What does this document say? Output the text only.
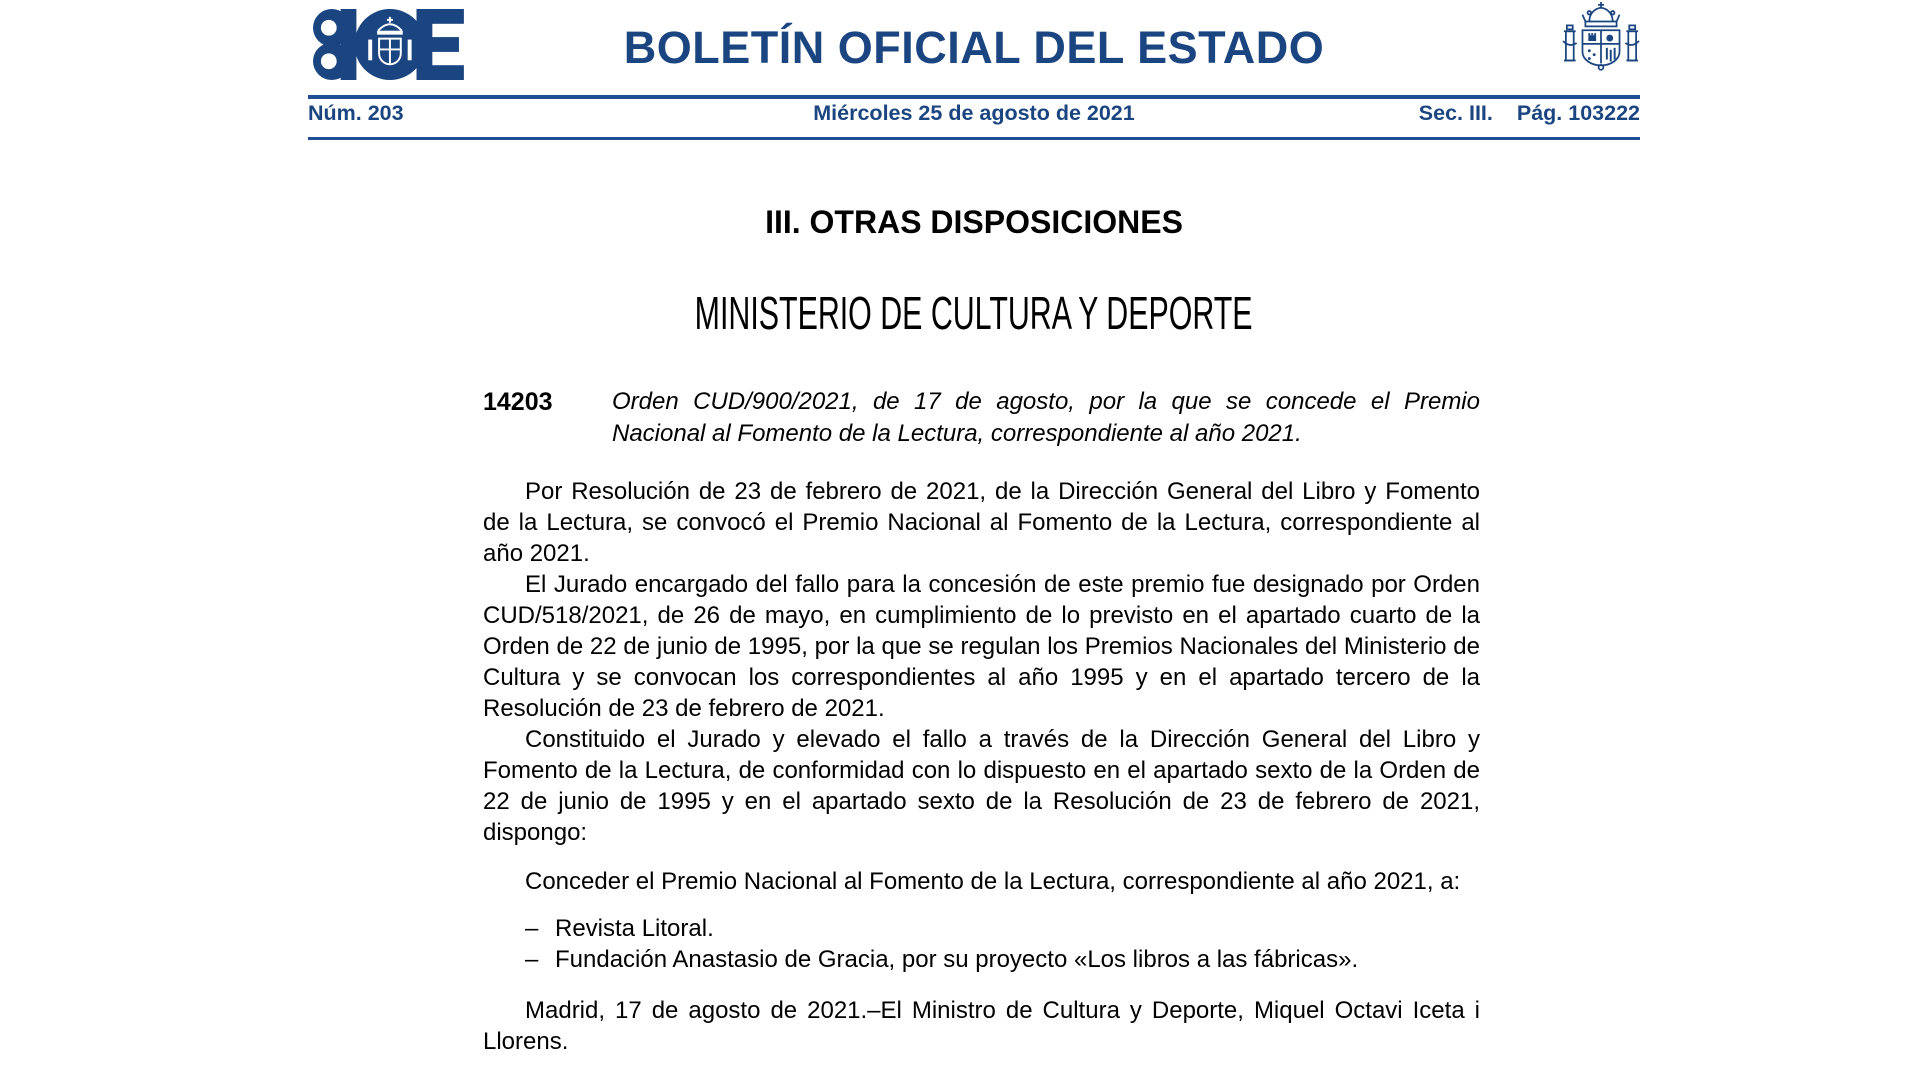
BOLETÍN OFICIAL DEL ESTADO
Núm. 203	Miércoles 25 de agosto de 2021	Sec. III. Pág. 103222
III. OTRAS DISPOSICIONES
MINISTERIO DE CULTURA Y DEPORTE
14203	Orden CUD/900/2021, de 17 de agosto, por la que se concede el Premio Nacional al Fomento de la Lectura, correspondiente al año 2021.

Por Resolución de 23 de febrero de 2021, de la Dirección General del Libro y Fomento de la Lectura, se convocó el Premio Nacional al Fomento de la Lectura, correspondiente al año 2021.

El Jurado encargado del fallo para la concesión de este premio fue designado por Orden CUD/518/2021, de 26 de mayo, en cumplimiento de lo previsto en el apartado cuarto de la Orden de 22 de junio de 1995, por la que se regulan los Premios Nacionales del Ministerio de Cultura y se convocan los correspondientes al año 1995 y en el apartado tercero de la Resolución de 23 de febrero de 2021.

Constituido el Jurado y elevado el fallo a través de la Dirección General del Libro y Fomento de la Lectura, de conformidad con lo dispuesto en el apartado sexto de la Orden de 22 de junio de 1995 y en el apartado sexto de la Resolución de 23 de febrero de 2021, dispongo:

Conceder el Premio Nacional al Fomento de la Lectura, correspondiente al año 2021, a:

– Revista Litoral.
– Fundación Anastasio de Gracia, por su proyecto «Los libros a las fábricas».

Madrid, 17 de agosto de 2021.–El Ministro de Cultura y Deporte, Miquel Octavi Iceta i Llorens.
